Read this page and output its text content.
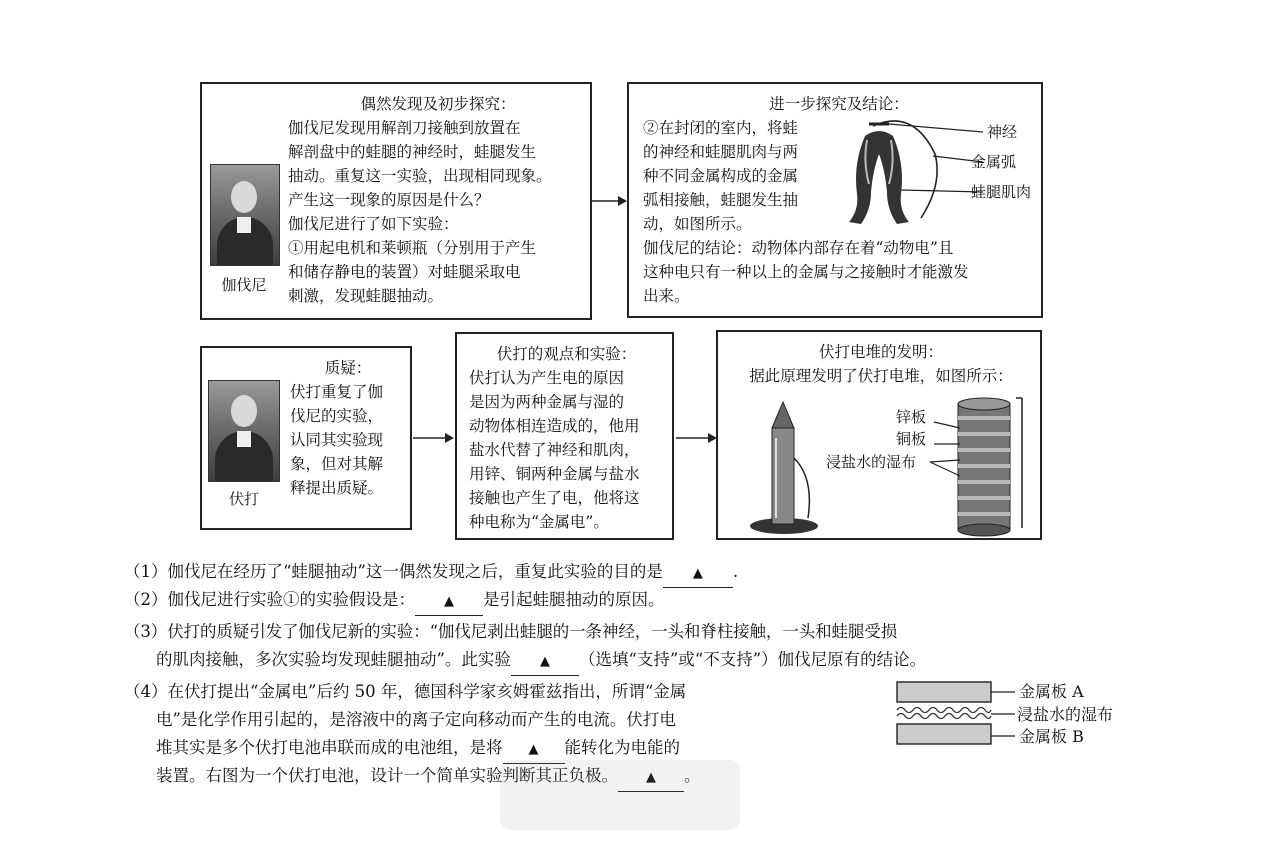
偶然发现及初步探究：
伽伐尼
伽伐尼发现用解剖刀接触到放置在
解剖盘中的蛙腿的神经时，蛙腿发生
抽动。重复这一实验，出现相同现象。
产生这一现象的原因是什么？
伽伐尼进行了如下实验：
①用起电机和莱顿瓶（分别用于产生
和储存静电的装置）对蛙腿采取电
刺激，发现蛙腿抽动。
进一步探究及结论：
②在封闭的室内，将蛙
的神经和蛙腿肌肉与两
种不同金属构成的金属
弧相接触，蛙腿发生抽
动，如图所示。
神经
金属弧
蛙腿肌肉
伽伐尼的结论：动物体内部存在着“动物电”且
这种电只有一种以上的金属与之接触时才能激发
出来。
质疑：
伏打
伏打重复了伽
伐尼的实验，
认同其实验现
象，但对其解
释提出质疑。
伏打的观点和实验：
伏打认为产生电的原因
是因为两种金属与湿的
动物体相连造成的，他用
盐水代替了神经和肌肉，
用锌、铜两种金属与盐水
接触也产生了电，他将这
种电称为“金属电”。
伏打电堆的发明：
据此原理发明了伏打电堆，如图所示：
锌板
铜板
浸盐水的湿布
（1）伽伐尼在经历了“蛙腿抽动”这一偶然发现之后，重复此实验的目的是 ▲ .
（2）伽伐尼进行实验①的实验假设是： ▲ 是引起蛙腿抽动的原因。
（3）伏打的质疑引发了伽伐尼新的实验：“伽伐尼剥出蛙腿的一条神经，一头和脊柱接触，一头和蛙腿受损
的肌肉接触，多次实验均发现蛙腿抽动”。此实验 ▲ （选填“支持”或“不支持”）伽伐尼原有的结论。
（4）在伏打提出“金属电”后约 50 年，德国科学家亥姆霍兹指出，所谓“金属
电”是化学作用引起的，是溶液中的离子定向移动而产生的电流。伏打电
堆其实是多个伏打电池串联而成的电池组，是将 ▲ 能转化为电能的
装置。右图为一个伏打电池，设计一个简单实验判断其正负极。 ▲ 。
金属板 A
浸盐水的湿布
金属板 B
